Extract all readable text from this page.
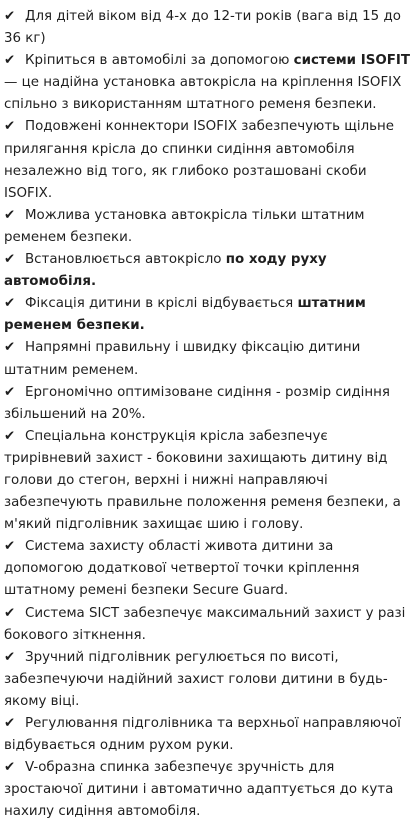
✔ Для дітей віком від 4-х до 12-ти років (вага від 15 до 36 кг)

✔ Кріпиться в автомобілі за допомогою системи ISOFIT — це надійна установка автокрісла на кріплення ISOFIX спільно з використанням штатного ременя безпеки.

✔ Подовжені коннектори ISOFIX забезпечують щільне прилягання крісла до спинки сидіння автомобіля незалежно від того, як глибоко розташовані скоби ISOFIX.

✔ Можлива установка автокрісла тільки штатним ременем безпеки.

✔ Встановлюється автокрісло по ходу руху автомобіля.

✔ Фіксація дитини в кріслі відбувається штатним ременем безпеки.

✔ Напрямні правильну і швидку фіксацію дитини штатним ременем.

✔ Ергономічно оптимізоване сидіння - розмір сидіння збільшений на 20%.

✔ Спеціальна конструкція крісла забезпечує трирівневий захист - боковини захищають дитину від голови до стегон, верхні і нижні направляючі забезпечують правильне положення ременя безпеки, а м'який підголівник захищає шию і голову.

✔ Система захисту області живота дитини за допомогою додаткової четвертої точки кріплення штатному ремені безпеки Secure Guard.

✔ Система SICT забезпечує максимальний захист у разі бокового зіткнення.

✔ Зручний підголівник регулюється по висоті, забезпечуючи надійний захист голови дитини в будь-якому віці.

✔ Регулювання підголівника та верхньої направляючої відбувається одним рухом руки.

✔ V-образна спинка забезпечує зручність для зростаючої дитини і автоматично адаптується до кута нахилу сидіння автомобіля.
